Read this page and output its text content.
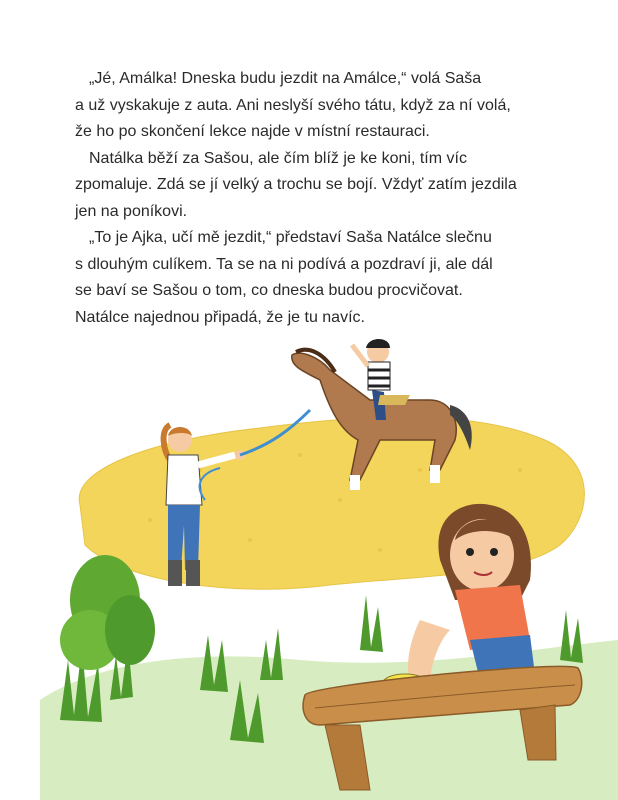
„Jé, Amálka! Dneska budu jezdit na Amálce,“ volá Saša
a už vyskakuje z auta. Ani neslyší svého tátu, když za ní volá,
že ho po skončení lekce najde v místní restauraci.
Natálka běží za Sašou, ale čím blíž je ke koni, tím víc
zpomaluje. Zdá se jí velký a trochu se bojí. Vždyť zatím jezdila
jen na poníkovi.
„To je Ajka, učí mě jezdit,“ představí Saša Natálce slečnu
s dlouhým culíkem. Ta se na ni podívá a pozdraví ji, ale dál
se baví se Sašou o tom, co dneska budou procvičovat.
Natálce najednou připadá, že je tu navíc.
